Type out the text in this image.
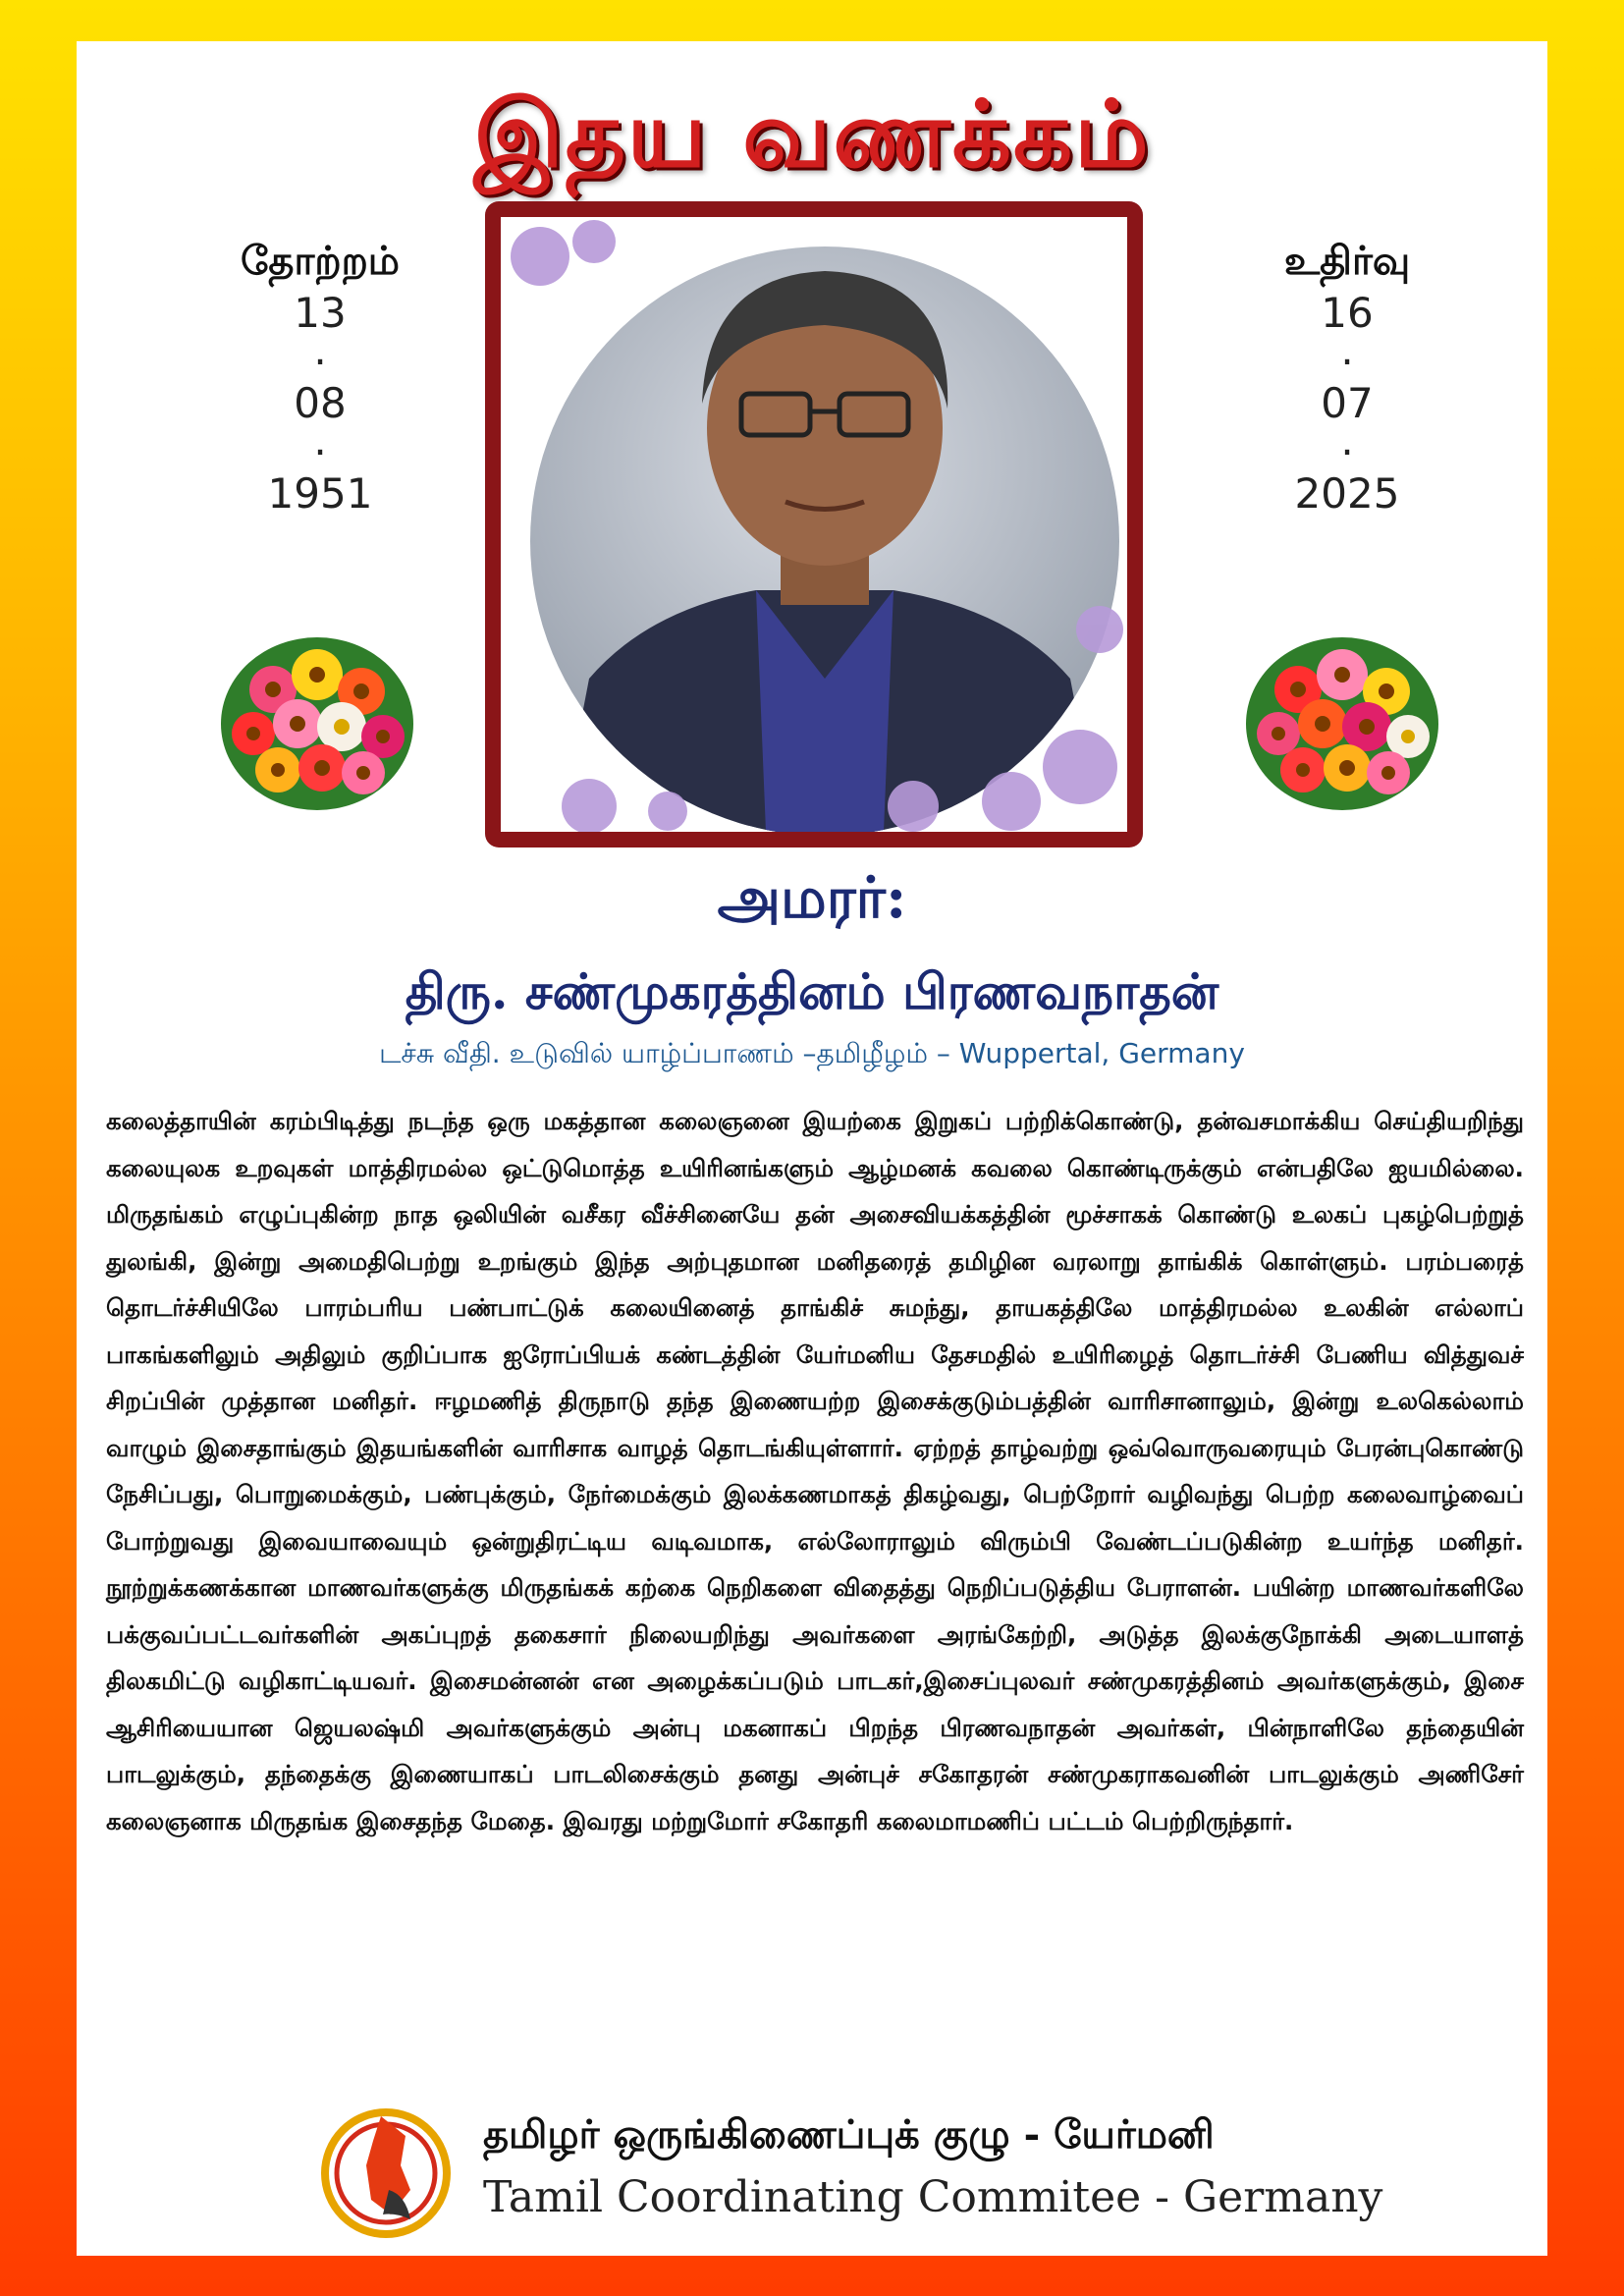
இதய வணக்கம்
தோற்றம்
13
.
08
.
1951
உதிர்வு
16
.
07
.
2025
அமரர்:
திரு. சண்முகரத்தினம் பிரணவநாதன்
டச்சு வீதி. உடுவில் யாழ்ப்பாணம் –தமிழீழம் – Wuppertal, Germany

கலைத்தாயின் கரம்பிடித்து நடந்த ஒரு மகத்தான கலைஞனை இயற்கை இறுகப் பற்றிக்கொண்டு, தன்வசமாக்கிய செய்தியறிந்து கலையுலக உறவுகள் மாத்திரமல்ல ஒட்டுமொத்த உயிரினங்களும் ஆழ்மனக் கவலை கொண்டிருக்கும் என்பதிலே ஐயமில்லை. மிருதங்கம் எழுப்புகின்ற நாத ஒலியின் வசீகர வீச்சினையே தன் அசைவியக்கத்தின் மூச்சாகக் கொண்டு உலகப் புகழ்பெற்றுத் துலங்கி, இன்று அமைதிபெற்று உறங்கும் இந்த அற்புதமான மனிதரைத் தமிழின வரலாறு தாங்கிக் கொள்ளும். பரம்பரைத் தொடர்ச்சியிலே பாரம்பரிய பண்பாட்டுக் கலையினைத் தாங்கிச் சுமந்து, தாயகத்திலே மாத்திரமல்ல உலகின் எல்லாப் பாகங்களிலும் அதிலும் குறிப்பாக ஐரோப்பியக் கண்டத்தின் யேர்மனிய தேசமதில் உயிரிழைத் தொடர்ச்சி பேணிய வித்துவச் சிறப்பின் முத்தான மனிதர். ஈழமணித் திருநாடு தந்த இணையற்ற இசைக்குடும்பத்தின் வாரிசானாலும், இன்று உலகெல்லாம் வாழும் இசைதாங்கும் இதயங்களின் வாரிசாக வாழத் தொடங்கியுள்ளார். ஏற்றத் தாழ்வற்று ஒவ்வொருவரையும் பேரன்புகொண்டு நேசிப்பது, பொறுமைக்கும், பண்புக்கும், நேர்மைக்கும் இலக்கணமாகத் திகழ்வது, பெற்றோர் வழிவந்து பெற்ற கலைவாழ்வைப் போற்றுவது இவையாவையும் ஒன்றுதிரட்டிய வடிவமாக, எல்லோராலும் விரும்பி வேண்டப்படுகின்ற உயர்ந்த மனிதர். நூற்றுக்கணக்கான மாணவர்களுக்கு மிருதங்கக் கற்கை நெறிகளை விதைத்து நெறிப்படுத்திய பேராளன். பயின்ற மாணவர்களிலே பக்குவப்பட்டவர்களின் அகப்புறத் தகைசார் நிலையறிந்து அவர்களை அரங்கேற்றி, அடுத்த இலக்குநோக்கி அடையாளத் திலகமிட்டு வழிகாட்டியவர். இசைமன்னன் என அழைக்கப்படும் பாடகர்,இசைப்புலவர் சண்முகரத்தினம் அவர்களுக்கும், இசை ஆசிரியையான ஜெயலஷ்மி அவர்களுக்கும் அன்பு மகனாகப் பிறந்த பிரணவநாதன் அவர்கள், பின்நாளிலே தந்தையின் பாடலுக்கும், தந்தைக்கு இணையாகப் பாடலிசைக்கும் தனது அன்புச் சகோதரன் சண்முகராகவனின் பாடலுக்கும் அணிசேர் கலைஞனாக மிருதங்க இசைதந்த மேதை. இவரது மற்றுமோர் சகோதரி கலைமாமணிப் பட்டம் பெற்றிருந்தார்.

தமிழர் ஒருங்கிணைப்புக் குழு - யேர்மனி
Tamil Coordinating Commitee - Germany
